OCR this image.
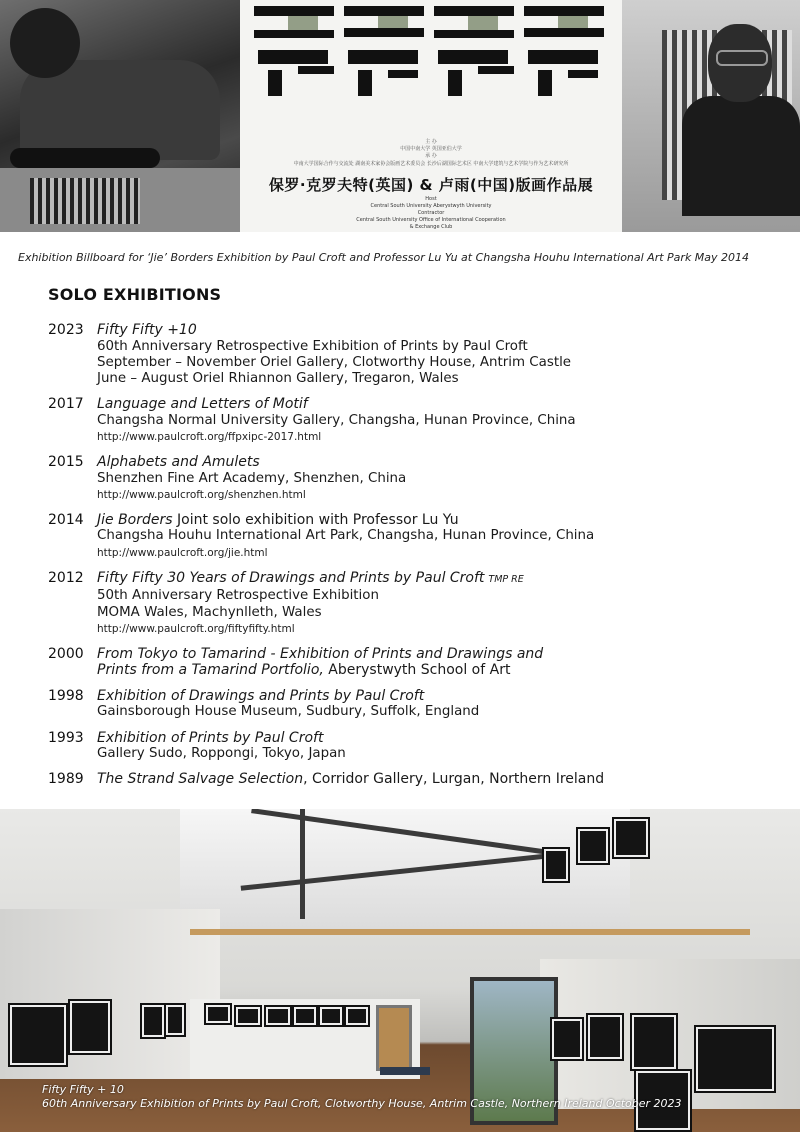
主 办
中国中南大学 英国亚伯大学
承 办
中南大学国际合作与交流处 湖南美术家协会版画艺术委员会 长沙后湖国际艺术区 中南大学建筑与艺术学院与作为艺术研究所
保罗·克罗夫特(英国) & 卢雨(中国)版画作品展
Host
Central South University Aberystwyth University
Contractor
Central South University Office of International Cooperation
& Exchange Club
Exhibition Billboard for ‘Jie’ Borders Exhibition by Paul Croft and Professor Lu Yu at Changsha Houhu International Art Park May 2014
SOLO EXHIBITIONS
2023 Fifty Fifty +10
60th Anniversary Retrospective Exhibition of Prints by Paul Croft
September – November Oriel Gallery, Clotworthy House, Antrim Castle
June – August Oriel Rhiannon Gallery, Tregaron, Wales
2017 Language and Letters of Motif
Changsha Normal University Gallery, Changsha, Hunan Province, China
http://www.paulcroft.org/ffpxipc-2017.html
2015 Alphabets and Amulets
Shenzhen Fine Art Academy, Shenzhen, China
http://www.paulcroft.org/shenzhen.html
2014 Jie Borders Joint solo exhibition with Professor Lu Yu
Changsha Houhu International Art Park, Changsha, Hunan Province, China
http://www.paulcroft.org/jie.html
2012 Fifty Fifty 30 Years of Drawings and Prints by Paul Croft TMP RE
50th Anniversary Retrospective Exhibition
MOMA Wales, Machynlleth, Wales
http://www.paulcroft.org/fiftyfifty.html
2000 From Tokyo to Tamarind - Exhibition of Prints and Drawings and
Prints from a Tamarind Portfolio, Aberystwyth School of Art
1998 Exhibition of Drawings and Prints by Paul Croft
Gainsborough House Museum, Sudbury, Suffolk, England
1993 Exhibition of Prints by Paul Croft
Gallery Sudo, Roppongi, Tokyo, Japan
1989 The Strand Salvage Selection, Corridor Gallery, Lurgan, Northern Ireland
Fifty Fifty + 10
60th Anniversary Exhibition of Prints by Paul Croft, Clotworthy House, Antrim Castle, Northern Ireland October 2023
